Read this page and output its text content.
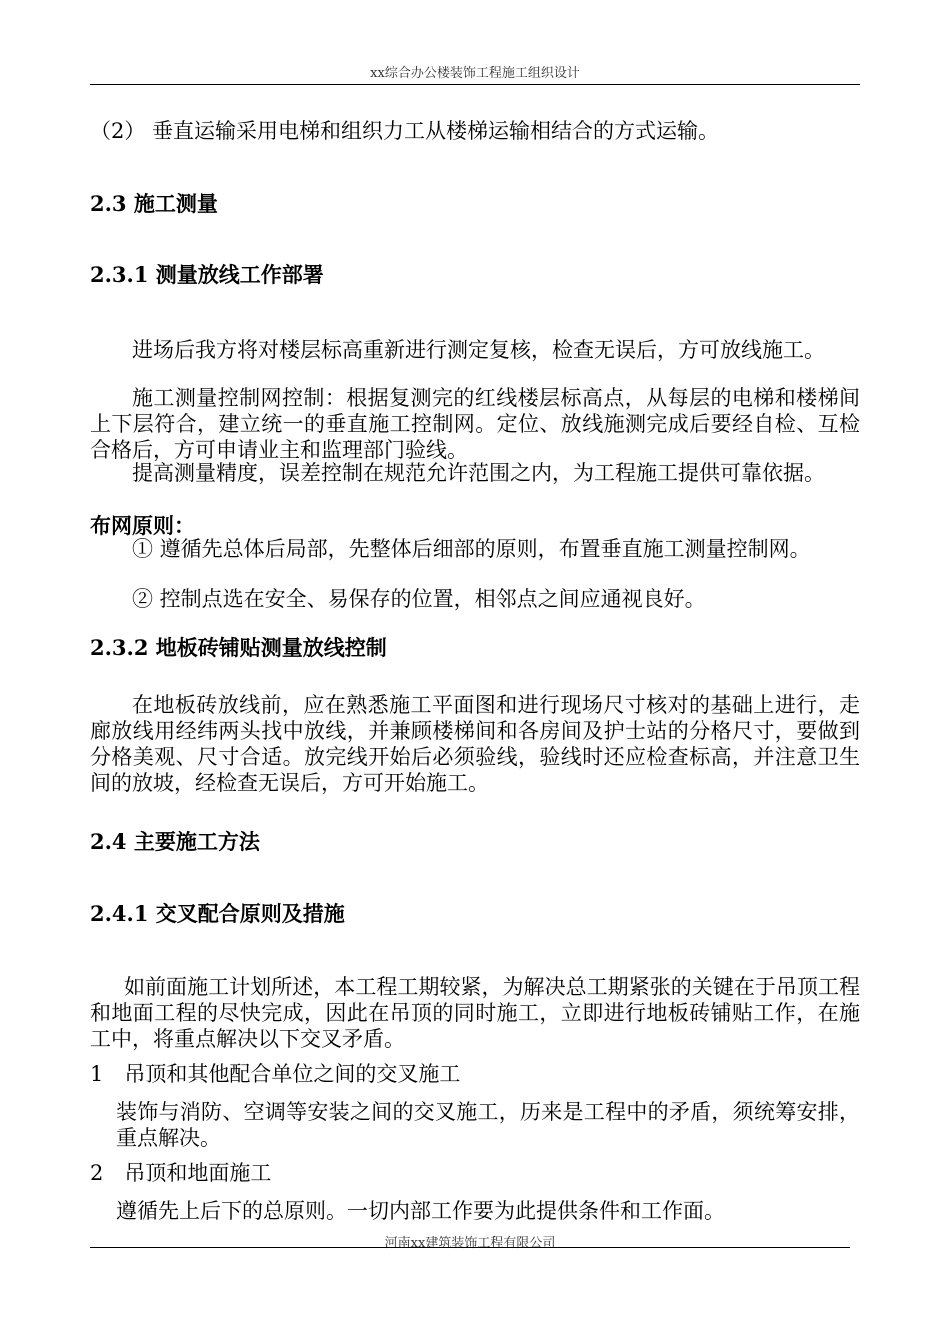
xx综合办公楼装饰工程施工组织设计
（2） 垂直运输采用电梯和组织力工从楼梯运输相结合的方式运输。
2.3 施工测量
2.3.1 测量放线工作部署
进场后我方将对楼层标高重新进行测定复核，检查无误后，方可放线施工。
施工测量控制网控制：根据复测完的红线楼层标高点，从每层的电梯和楼梯间上下层符合，建立统一的垂直施工控制网。定位、放线施测完成后要经自检、互检合格后，方可申请业主和监理部门验线。
提高测量精度，误差控制在规范允许范围之内，为工程施工提供可靠依据。
布网原则：
① 遵循先总体后局部，先整体后细部的原则，布置垂直施工测量控制网。
② 控制点选在安全、易保存的位置，相邻点之间应通视良好。
2.3.2 地板砖铺贴测量放线控制
在地板砖放线前，应在熟悉施工平面图和进行现场尺寸核对的基础上进行，走廊放线用经纬两头找中放线，并兼顾楼梯间和各房间及护士站的分格尺寸，要做到分格美观、尺寸合适。放完线开始后必须验线，验线时还应检查标高，并注意卫生间的放坡，经检查无误后，方可开始施工。
2.4 主要施工方法
2.4.1 交叉配合原则及措施
如前面施工计划所述，本工程工期较紧，为解决总工期紧张的关键在于吊顶工程和地面工程的尽快完成，因此在吊顶的同时施工，立即进行地板砖铺贴工作，在施工中，将重点解决以下交叉矛盾。
1　吊顶和其他配合单位之间的交叉施工
装饰与消防、空调等安装之间的交叉施工，历来是工程中的矛盾，须统筹安排，重点解决。
2　吊顶和地面施工
遵循先上后下的总原则。一切内部工作要为此提供条件和工作面。
河南xx建筑装饰工程有限公司
